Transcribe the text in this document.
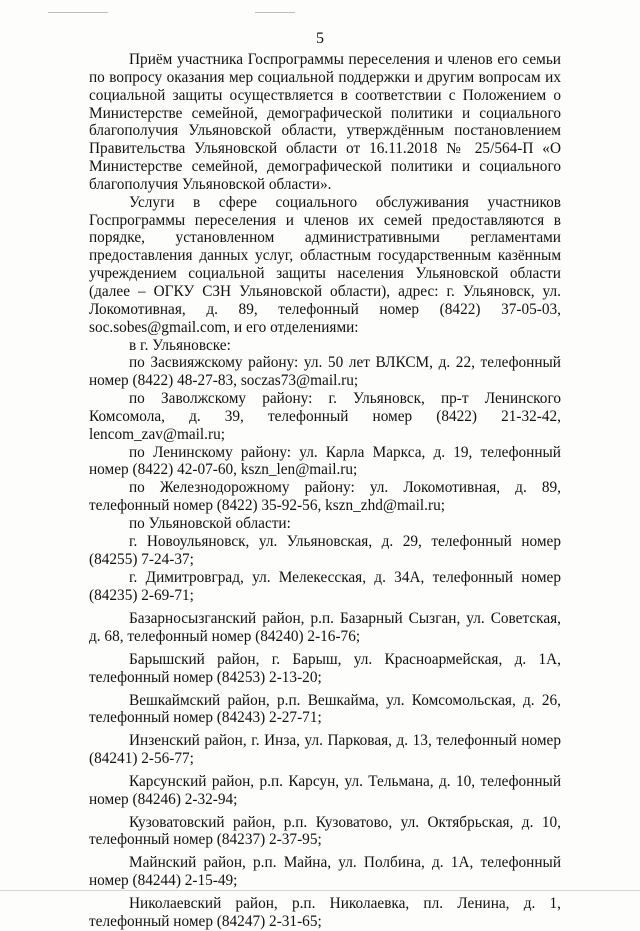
5

Приём участника Госпрограммы переселения и членов его семьи по вопросу оказания мер социальной поддержки и другим вопросам их социальной защиты осуществляется в соответствии с Положением о Министерстве семейной, демографической политики и социального благополучия Ульяновской области, утверждённым постановлением Правительства Ульяновской области от 16.11.2018 № 25/564-П «О Министерстве семейной, демографической политики и социального благополучия Ульяновской области».

Услуги в сфере социального обслуживания участников Госпрограммы переселения и членов их семей предоставляются в порядке, установленном административными регламентами предоставления данных услуг, областным государственным казённым учреждением социальной защиты населения Ульяновской области (далее – ОГКУ СЗН Ульяновской области), адрес: г. Ульяновск, ул. Локомотивная, д. 89, телефонный номер (8422) 37-05-03, soc.sobes@gmail.com, и его отделениями:

в г. Ульяновске:

по Засвияжскому району: ул. 50 лет ВЛКСМ, д. 22, телефонный номер (8422) 48-27-83, soczas73@mail.ru;

по Заволжскому району: г. Ульяновск, пр-т Ленинского Комсомола, д. 39, телефонный номер (8422) 21-32-42, lencom_zav@mail.ru;

по Ленинскому району: ул. Карла Маркса, д. 19, телефонный номер (8422) 42-07-60, kszn_len@mail.ru;

по Железнодорожному району: ул. Локомотивная, д. 89, телефонный номер (8422) 35-92-56, kszn_zhd@mail.ru;

по Ульяновской области:

г. Новоульяновск, ул. Ульяновская, д. 29, телефонный номер (84255) 7-24-37;

г. Димитровград, ул. Мелекесская, д. 34А, телефонный номер (84235) 2-69-71;

Базарносызганский район, р.п. Базарный Сызган, ул. Советская, д. 68, телефонный номер (84240) 2-16-76;

Барышский район, г. Барыш, ул. Красноармейская, д. 1А, телефонный номер (84253) 2-13-20;

Вешкаймский район, р.п. Вешкайма, ул. Комсомольская, д. 26, телефонный номер (84243) 2-27-71;

Инзенский район, г. Инза, ул. Парковая, д. 13, телефонный номер (84241) 2-56-77;

Карсунский район, р.п. Карсун, ул. Тельмана, д. 10, телефонный номер (84246) 2-32-94;

Кузоватовский район, р.п. Кузоватово, ул. Октябрьская, д. 10, телефонный номер (84237) 2-37-95;

Майнский район, р.п. Майна, ул. Полбина, д. 1А, телефонный номер (84244) 2-15-49;

Николаевский район, р.п. Николаевка, пл. Ленина, д. 1, телефонный номер (84247) 2-31-65;
